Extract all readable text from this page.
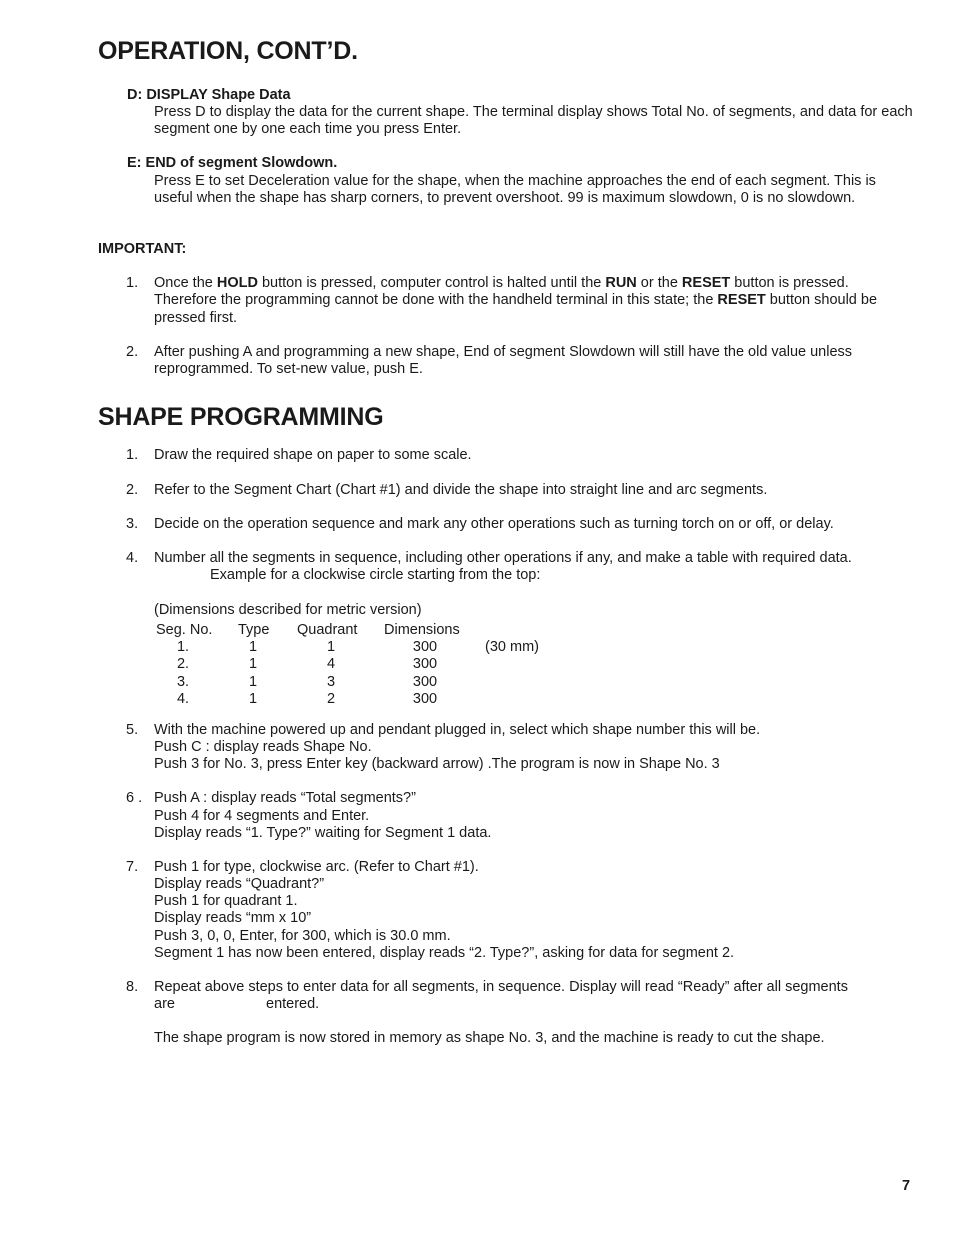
OPERATION, CONT’D.
D: DISPLAY Shape Data
Press D to display the data for the current shape. The terminal display shows Total No. of segments, and data for each segment one by one each time you press Enter.
E: END of segment Slowdown.
Press E to set Deceleration value for the shape, when the machine approaches the end of each segment. This is useful when the shape has sharp corners, to prevent overshoot. 99 is maximum slowdown, 0 is no slowdown.
IMPORTANT:
1. Once the HOLD button is pressed, computer control is halted until the RUN or the RESET button is pressed. Therefore the programming cannot be done with the handheld terminal in this state; the RESET button should be pressed first.
2. After pushing A and programming a new shape, End of segment Slowdown will still have the old value unless reprogrammed. To set-new value, push E.
SHAPE PROGRAMMING
1. Draw the required shape on paper to some scale.
2. Refer to the Segment Chart (Chart #1) and divide the shape into straight line and arc segments.
3. Decide on the operation sequence and mark any other operations such as turning torch on or off, or delay.
4. Number all the segments in sequence, including other operations if any, and make a table with required data.
Example for a clockwise circle starting from the top:
(Dimensions described for metric version)
Seg. No. Type Quadrant Dimensions
1.	1	1	300	(30 mm)
2.	1	4	300
3.	1	3	300
4.	1	2	300
5. With the machine powered up and pendant plugged in, select which shape number this will be.
Push C : display reads Shape No.
Push 3 for No. 3, press Enter key (backward arrow) .The program is now in Shape No. 3
6 . Push A : display reads “Total segments?”
Push 4 for 4 segments and Enter.
Display reads “1. Type?” waiting for Segment 1 data.
7. Push 1 for type, clockwise arc. (Refer to Chart #1).
Display reads “Quadrant?”
Push 1 for quadrant 1.
Display reads “mm x 10”
Push 3, 0, 0, Enter, for 300, which is 30.0 mm.
Segment 1 has now been entered, display reads “2. Type?”, asking for data for segment 2.
8. Repeat above steps to enter data for all segments, in sequence. Display will read “Ready” after all segments
are	entered.
The shape program is now stored in memory as shape No. 3, and the machine is ready to cut the shape.
7
